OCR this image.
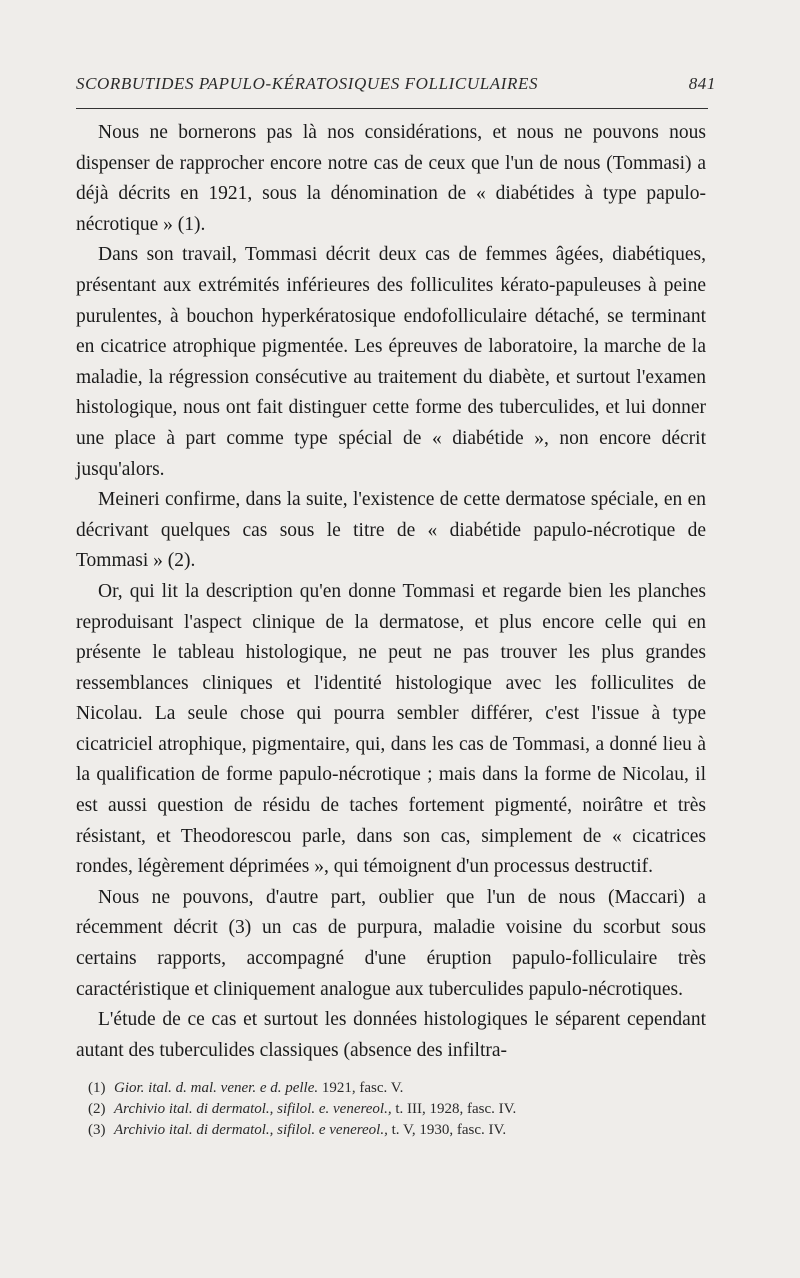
SCORBUTIDES PAPULO-KÉRATOSIQUES FOLLICULAIRES	841

Nous ne bornerons pas là nos considérations, et nous ne pouvons nous dispenser de rapprocher encore notre cas de ceux que l'un de nous (Tommasi) a déjà décrits en 1921, sous la dénomination de « diabétides à type papulo-nécrotique » (1).

Dans son travail, Tommasi décrit deux cas de femmes âgées, diabétiques, présentant aux extrémités inférieures des folliculites kérato-papuleuses à peine purulentes, à bouchon hyperkératosique endofolliculaire détaché, se terminant en cicatrice atrophique pigmentée. Les épreuves de laboratoire, la marche de la maladie, la régression consécutive au traitement du diabète, et surtout l'examen histologique, nous ont fait distinguer cette forme des tuberculides, et lui donner une place à part comme type spécial de « diabétide », non encore décrit jusqu'alors.

Meineri confirme, dans la suite, l'existence de cette dermatose spéciale, en en décrivant quelques cas sous le titre de « diabétide papulo-nécrotique de Tommasi » (2).

Or, qui lit la description qu'en donne Tommasi et regarde bien les planches reproduisant l'aspect clinique de la dermatose, et plus encore celle qui en présente le tableau histologique, ne peut ne pas trouver les plus grandes ressemblances cliniques et l'identité histologique avec les folliculites de Nicolau. La seule chose qui pourra sembler différer, c'est l'issue à type cicatriciel atrophique, pigmentaire, qui, dans les cas de Tommasi, a donné lieu à la qualification de forme papulo-nécrotique ; mais dans la forme de Nicolau, il est aussi question de résidu de taches fortement pigmenté, noirâtre et très résistant, et Theodorescou parle, dans son cas, simplement de « cicatrices rondes, légèrement déprimées », qui témoignent d'un processus destructif.

Nous ne pouvons, d'autre part, oublier que l'un de nous (Maccari) a récemment décrit (3) un cas de purpura, maladie voisine du scorbut sous certains rapports, accompagné d'une éruption papulo-folliculaire très caractéristique et cliniquement analogue aux tuberculides papulo-nécrotiques.

L'étude de ce cas et surtout les données histologiques le séparent cependant autant des tuberculides classiques (absence des infiltra-

(1) Gior. ital. d. mal. vener. e d. pelle. 1921, fasc. V.
(2) Archivio ital. di dermatol., sifilol. e. venereol., t. III, 1928, fasc. IV.
(3) Archivio ital. di dermatol., sifilol. e venereol., t. V, 1930, fasc. IV.
